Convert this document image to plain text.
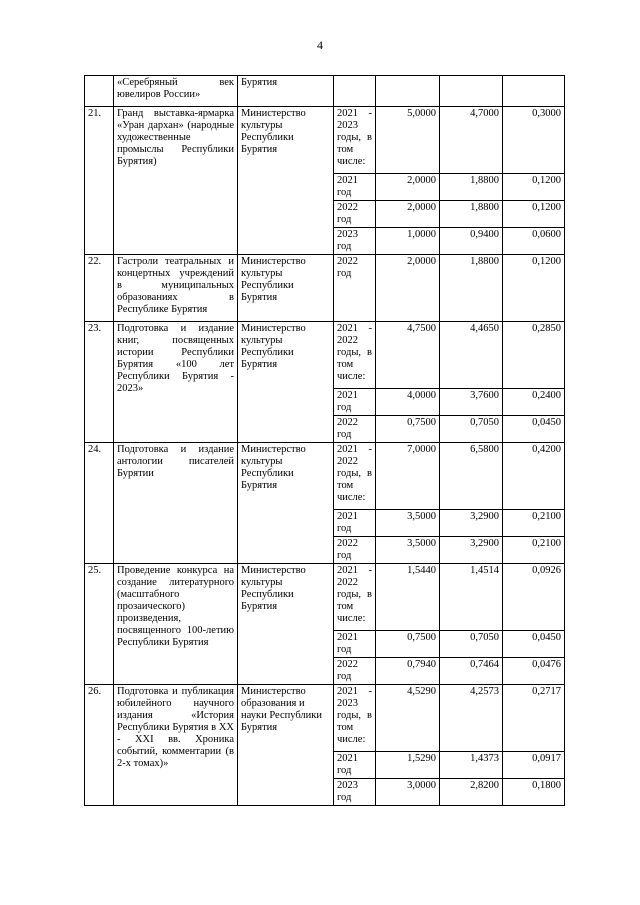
4
	«Серебряный век ювелиров России»	Бурятия				
21.	Гранд выставка-ярмарка «Уран дархан» (народные художественные промыслы Республики Бурятия)	Министерство культуры Республики Бурятия	2021 - 2023 годы, в том числе:	5,0000	4,7000	0,3000
			2021 год	2,0000	1,8800	0,1200
			2022 год	2,0000	1,8800	0,1200
			2023 год	1,0000	0,9400	0,0600
22.	Гастроли театральных и концертных учреждений в муниципальных образованиях в Республике Бурятия	Министерство культуры Республики Бурятия	2022 год	2,0000	1,8800	0,1200
23.	Подготовка и издание книг, посвященных истории Республики Бурятия «100 лет Республики Бурятия - 2023»	Министерство культуры Республики Бурятия	2021 - 2022 годы, в том числе:	4,7500	4,4650	0,2850
			2021 год	4,0000	3,7600	0,2400
			2022 год	0,7500	0,7050	0,0450
24.	Подготовка и издание антологии писателей Бурятии	Министерство культуры Республики Бурятия	2021 - 2022 годы, в том числе:	7,0000	6,5800	0,4200
			2021 год	3,5000	3,2900	0,2100
			2022 год	3,5000	3,2900	0,2100
25.	Проведение конкурса на создание литературного (масштабного прозаического) произведения, посвященного 100-летию Республики Бурятия	Министерство культуры Республики Бурятия	2021 - 2022 годы, в том числе:	1,5440	1,4514	0,0926
			2021 год	0,7500	0,7050	0,0450
			2022 год	0,7940	0,7464	0,0476
26.	Подготовка и публикация юбилейного научного издания «История Республики Бурятия в XX - XXI вв. Хроника событий, комментарии (в 2-х томах)»	Министерство образования и науки Республики Бурятия	2021 - 2023 годы, в том числе:	4,5290	4,2573	0,2717
			2021 год	1,5290	1,4373	0,0917
			2023 год	3,0000	2,8200	0,1800
